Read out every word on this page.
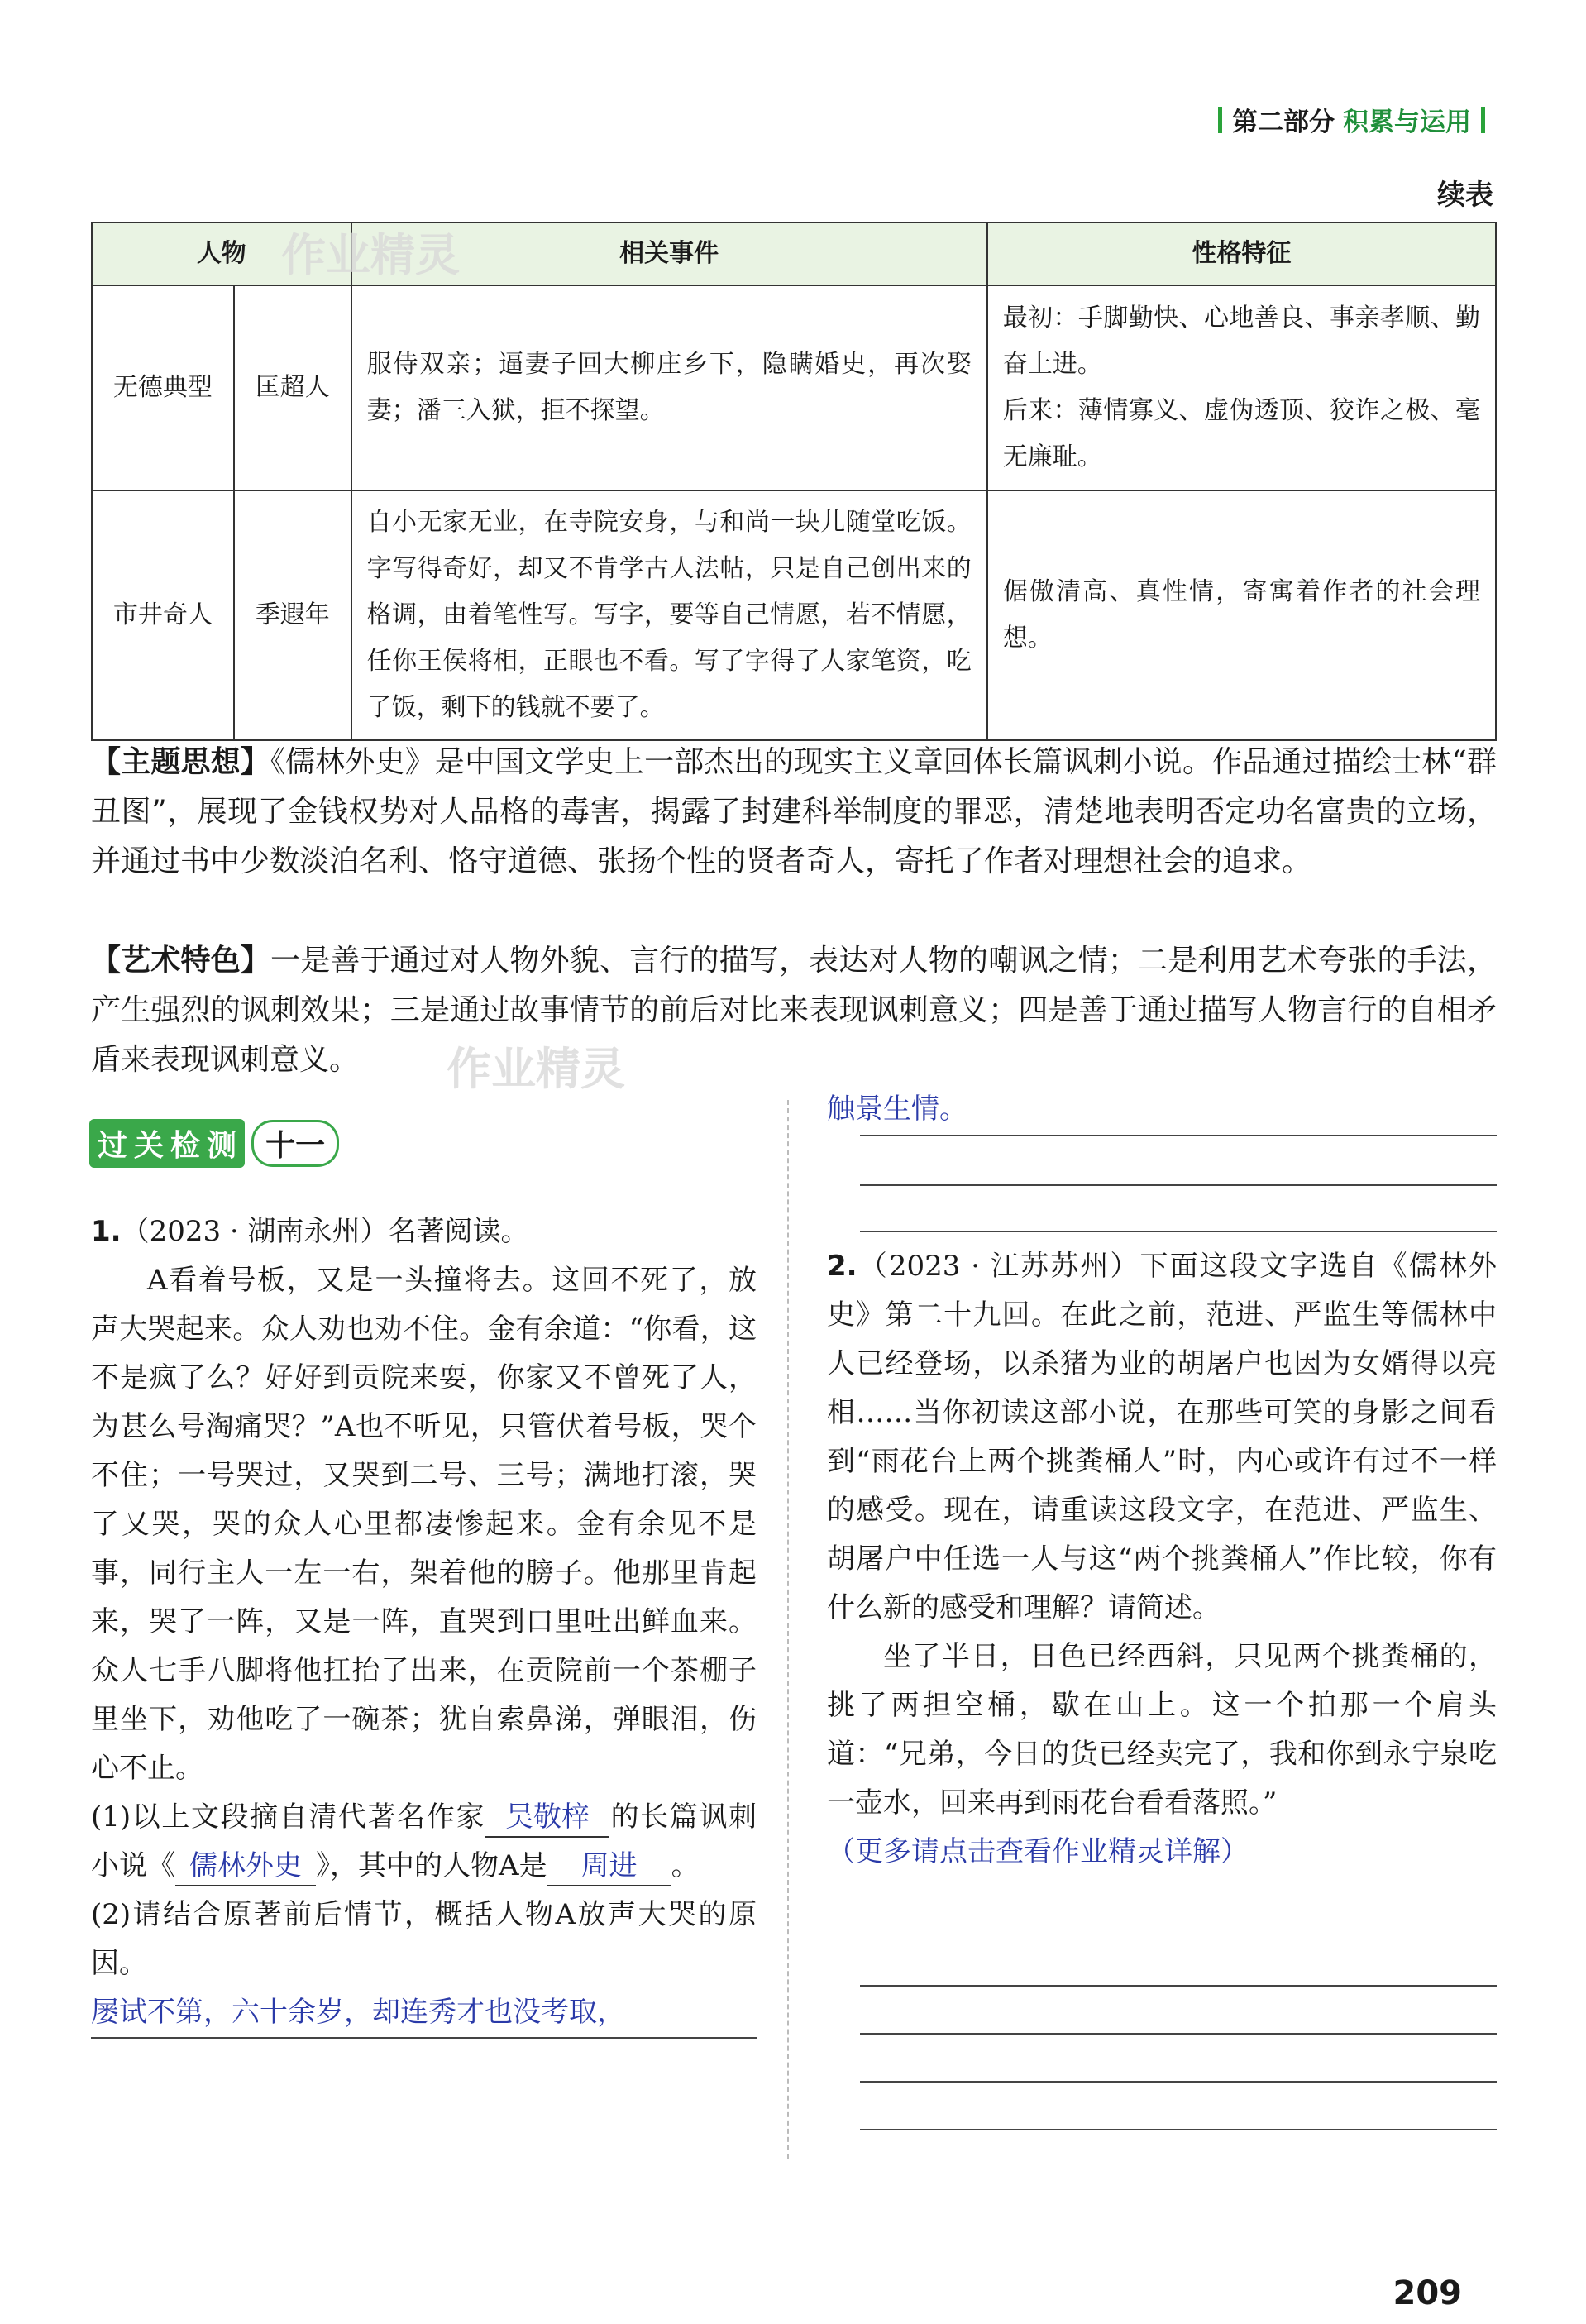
第二部分 积累与运用
续表
人物		相关事件	性格特征
无德典型	匡超人	服侍双亲；逼妻子回大柳庄乡下，隐瞒婚史，再次娶妻；潘三入狱，拒不探望。	最初：手脚勤快、心地善良、事亲孝顺、勤奋上进。
后来：薄情寡义、虚伪透顶、狡诈之极、毫无廉耻。

市井奇人	季遐年	自小无家无业，在寺院安身，与和尚一块儿随堂吃饭。字写得奇好，却又不肯学古人法帖，只是自己创出来的格调，由着笔性写。写字，要等自己情愿，若不情愿，任你王侯将相，正眼也不看。写了字得了人家笔资，吃了饭，剩下的钱就不要了。	倨傲清高、真性情，寄寓着作者的社会理想。
作业精灵
【主题思想】《儒林外史》是中国文学史上一部杰出的现实主义章回体长篇讽刺小说。作品通过描绘士林“群丑图”，展现了金钱权势对人品格的毒害，揭露了封建科举制度的罪恶，清楚地表明否定功名富贵的立场，并通过书中少数淡泊名利、恪守道德、张扬个性的贤者奇人，寄托了作者对理想社会的追求。
【艺术特色】一是善于通过对人物外貌、言行的描写，表达对人物的嘲讽之情；二是利用艺术夸张的手法，产生强烈的讽刺效果；三是通过故事情节的前后对比来表现讽刺意义；四是善于通过描写人物言行的自相矛盾来表现讽刺意义。	作业精灵
过 关 检 测 十一

1.（2023 · 湖南永州）名著阅读。

A看着号板，又是一头撞将去。这回不死了，放声大哭起来。众人劝也劝不住。金有余道：“你看，这不是疯了么？好好到贡院来耍，你家又不曾死了人，为甚么号淘痛哭？”A也不听见，只管伏着号板，哭个不住；一号哭过，又哭到二号、三号；满地打滚，哭了又哭，哭的众人心里都凄惨起来。金有余见不是事，同行主人一左一右，架着他的膀子。他那里肯起来，哭了一阵，又是一阵，直哭到口里吐出鲜血来。众人七手八脚将他扛抬了出来，在贡院前一个茶棚子里坐下，劝他吃了一碗茶；犹自索鼻涕，弹眼泪，伤心不止。

(1)以上文段摘自清代著名作家 吴敬梓 的长篇讽刺小说《 儒林外史 》，其中的人物A是 周进 。

(2)请结合原著前后情节，概括人物A放声大哭的原因。

屡试不第，六十余岁，却连秀才也没考取，

触景生情。

2.（2023 · 江苏苏州）下面这段文字选自《儒林外史》第二十九回。在此之前，范进、严监生等儒林中人已经登场，以杀猪为业的胡屠户也因为女婿得以亮相……当你初读这部小说，在那些可笑的身影之间看到“雨花台上两个挑粪桶人”时，内心或许有过不一样的感受。现在，请重读这段文字，在范进、严监生、胡屠户中任选一人与这“两个挑粪桶人”作比较，你有什么新的感受和理解？请简述。

坐了半日，日色已经西斜，只见两个挑粪桶的，挑了两担空桶，歇在山上。这一个拍那一个肩头道：“兄弟，今日的货已经卖完了，我和你到永宁泉吃一壶水，回来再到雨花台看看落照。”

（更多请点击查看作业精灵详解）

209
